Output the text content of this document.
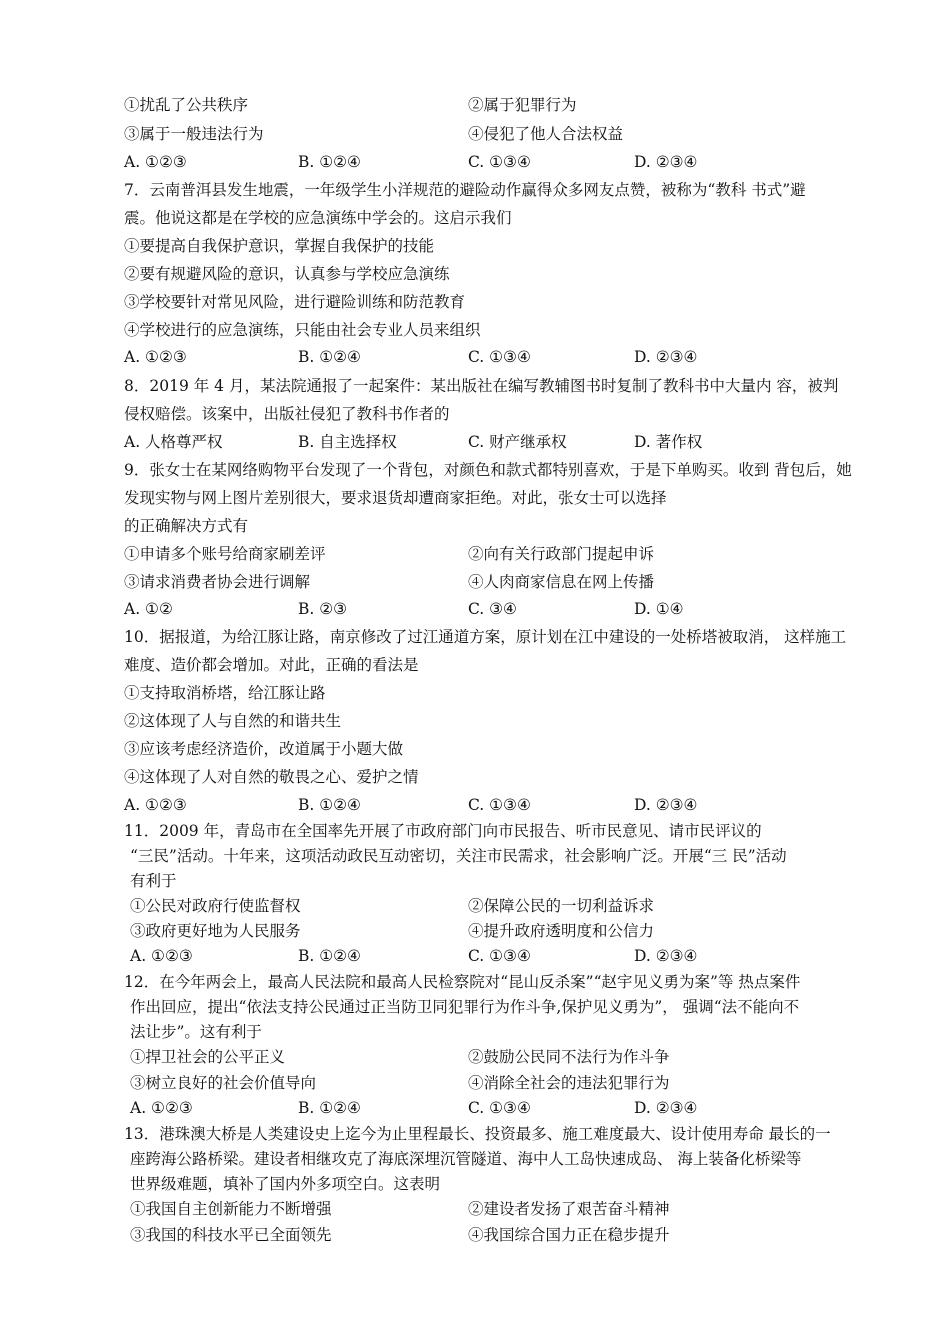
①扰乱了公共秩序	②属于犯罪行为
③属于一般违法行为	④侵犯了他人合法权益
A. ①②③	B. ①②④	C. ①③④	D. ②③④
7．云南普洱县发生地震，一年级学生小洋规范的避险动作赢得众多网友点赞，被称为“教科 书式”避
震。他说这都是在学校的应急演练中学会的。这启示我们
①要提高自我保护意识，掌握自我保护的技能
②要有规避风险的意识，认真参与学校应急演练
③学校要针对常见风险，进行避险训练和防范教育
④学校进行的应急演练，只能由社会专业人员来组织
A. ①②③	B. ①②④	C. ①③④	D. ②③④
8．2019 年 4 月，某法院通报了一起案件：某出版社在编写教辅图书时复制了教科书中大量内 容，被判
侵权赔偿。该案中，出版社侵犯了教科书作者的
A. 人格尊严权	B. 自主选择权	C. 财产继承权	D. 著作权
9．张女士在某网络购物平台发现了一个背包，对颜色和款式都特别喜欢，于是下单购买。收到 背包后，她
发现实物与网上图片差别很大，要求退货却遭商家拒绝。对此，张女士可以选择
的正确解决方式有
①申请多个账号给商家刷差评	②向有关行政部门提起申诉
③请求消费者协会进行调解	④人肉商家信息在网上传播
A. ①②	B. ②③	C. ③④	D. ①④
10．据报道，为给江豚让路，南京修改了过江通道方案，原计划在江中建设的一处桥塔被取消， 这样施工
难度、造价都会增加。对此，正确的看法是
①支持取消桥塔，给江豚让路
②这体现了人与自然的和谐共生
③应该考虑经济造价，改道属于小题大做
④这体现了人对自然的敬畏之心、爱护之情
A. ①②③	B. ①②④	C. ①③④	D. ②③④
11．2009 年，青岛市在全国率先开展了市政府部门向市民报告、听市民意见、请市民评议的
“三民”活动。十年来，这项活动政民互动密切，关注市民需求，社会影响广泛。开展“三 民”活动
有利于
①公民对政府行使监督权	②保障公民的一切利益诉求
③政府更好地为人民服务	④提升政府透明度和公信力
A. ①②③	B. ①②④	C. ①③④	D. ②③④
12．在今年两会上，最高人民法院和最高人民检察院对“昆山反杀案”“赵宇见义勇为案”等 热点案件
作出回应，提出“依法支持公民通过正当防卫同犯罪行为作斗争,保护见义勇为”， 强调“法不能向不
法让步”。这有利于
①捍卫社会的公平正义	②鼓励公民同不法行为作斗争
③树立良好的社会价值导向	④消除全社会的违法犯罪行为
A. ①②③	B. ①②④	C. ①③④	D. ②③④
13．港珠澳大桥是人类建设史上迄今为止里程最长、投资最多、施工难度最大、设计使用寿命 最长的一
座跨海公路桥梁。建设者相继攻克了海底深埋沉管隧道、海中人工岛快速成岛、 海上装备化桥梁等
世界级难题，填补了国内外多项空白。这表明
①我国自主创新能力不断增强	②建设者发扬了艰苦奋斗精神
③我国的科技水平已全面领先	④我国综合国力正在稳步提升
